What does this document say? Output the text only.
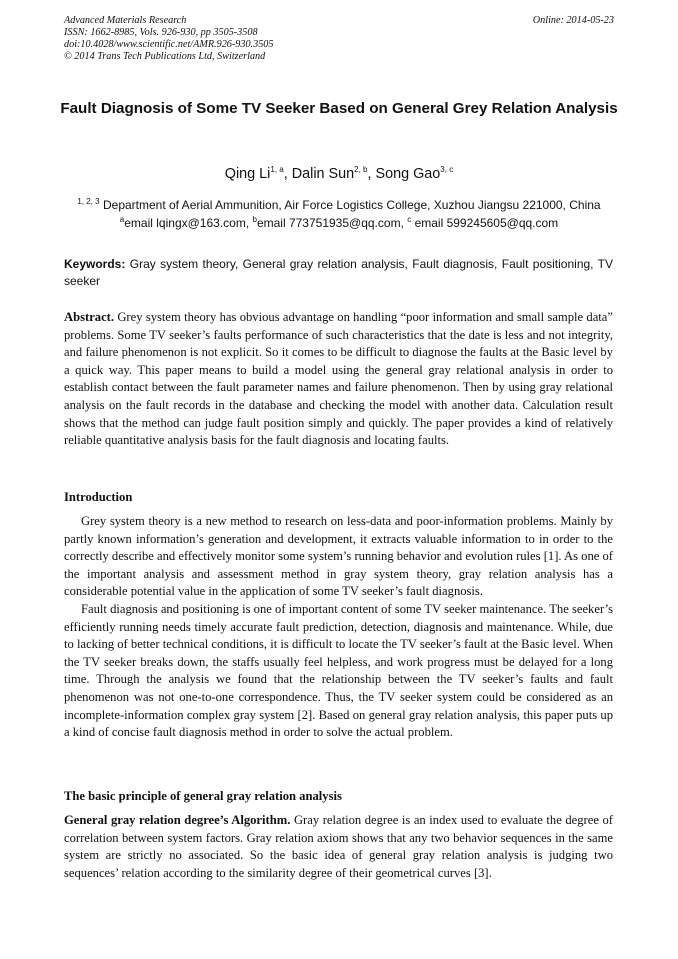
Advanced Materials Research
ISSN: 1662-8985, Vols. 926-930, pp 3505-3508
doi:10.4028/www.scientific.net/AMR.926-930.3505
© 2014 Trans Tech Publications Ltd, Switzerland
Online: 2014-05-23
Fault Diagnosis of Some TV Seeker Based on General Grey Relation Analysis
Qing Li$^{1, a}$, Dalin Sun$^{2, b}$, Song Gao$^{3, c}$
$^{1, 2, 3}$ Department of Aerial Ammunition, Air Force Logistics College, Xuzhou Jiangsu 221000, China
$^a$email lqingx@163.com, $^b$email 773751935@qq.com, $^c$ email 599245605@qq.com
Keywords: Gray system theory, General gray relation analysis, Fault diagnosis, Fault positioning, TV seeker
Abstract. Grey system theory has obvious advantage on handling “poor information and small sample data” problems. Some TV seeker’s faults performance of such characteristics that the date is less and not integrity, and failure phenomenon is not explicit. So it comes to be difficult to diagnose the faults at the Basic level by a quick way. This paper means to build a model using the general gray relational analysis in order to establish contact between the fault parameter names and failure phenomenon. Then by using gray relational analysis on the fault records in the database and checking the model with another data. Calculation result shows that the method can judge fault position simply and quickly. The paper provides a kind of relatively reliable quantitative analysis basis for the fault diagnosis and locating faults.
Introduction

Grey system theory is a new method to research on less-data and poor-information problems. Mainly by partly known information’s generation and development, it extracts valuable information to in order to the correctly describe and effectively monitor some system’s running behavior and evolution rules [1]. As one of the important analysis and assessment method in gray system theory, gray relation analysis has a considerable potential value in the application of some TV seeker’s fault diagnosis.

Fault diagnosis and positioning is one of important content of some TV seeker maintenance. The seeker’s efficiently running needs timely accurate fault prediction, detection, diagnosis and maintenance. While, due to lacking of better technical conditions, it is difficult to locate the TV seeker’s fault at the Basic level. When the TV seeker breaks down, the staffs usually feel helpless, and work progress must be delayed for a long time. Through the analysis we found that the relationship between the TV seeker’s faults and fault phenomenon was not one-to-one correspondence. Thus, the TV seeker system could be considered as an incomplete-information complex gray system [2]. Based on general gray relation analysis, this paper puts up a kind of concise fault diagnosis method in order to solve the actual problem.

The basic principle of general gray relation analysis
General gray relation degree’s Algorithm. Gray relation degree is an index used to evaluate the degree of correlation between system factors. Gray relation axiom shows that any two behavior sequences in the same system are strictly no associated. So the basic idea of general gray relation analysis is judging two sequences’ relation according to the similarity degree of their geometrical curves [3].
